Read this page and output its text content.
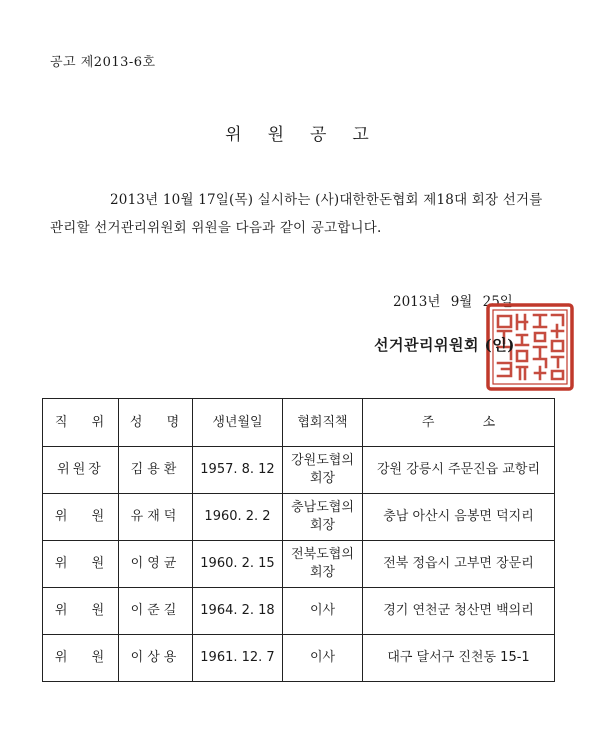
공고 제2013-6호
위원공고
2013년 10월 17일(목) 실시하는 (사)대한한돈협회 제18대 회장 선거를 관리할 선거관리위원회 위원을 다음과 같이 공고합니다.
2013년 9월 25일
선거관리위원회 (인)
직 위	성 명	생년월일	협회직책	주 소
위원장	김용환	1957. 8. 12	강원도협의회장	강원 강릉시 주문진읍 교항리
위 원	유재덕	1960. 2. 2	충남도협의회장	충남 아산시 음봉면 덕지리
위 원	이영균	1960. 2. 15	전북도협의회장	전북 정읍시 고부면 장문리
위 원	이준길	1964. 2. 18	이사	경기 연천군 청산면 백의리
위 원	이상용	1961. 12. 7	이사	대구 달서구 진천동 15-1
